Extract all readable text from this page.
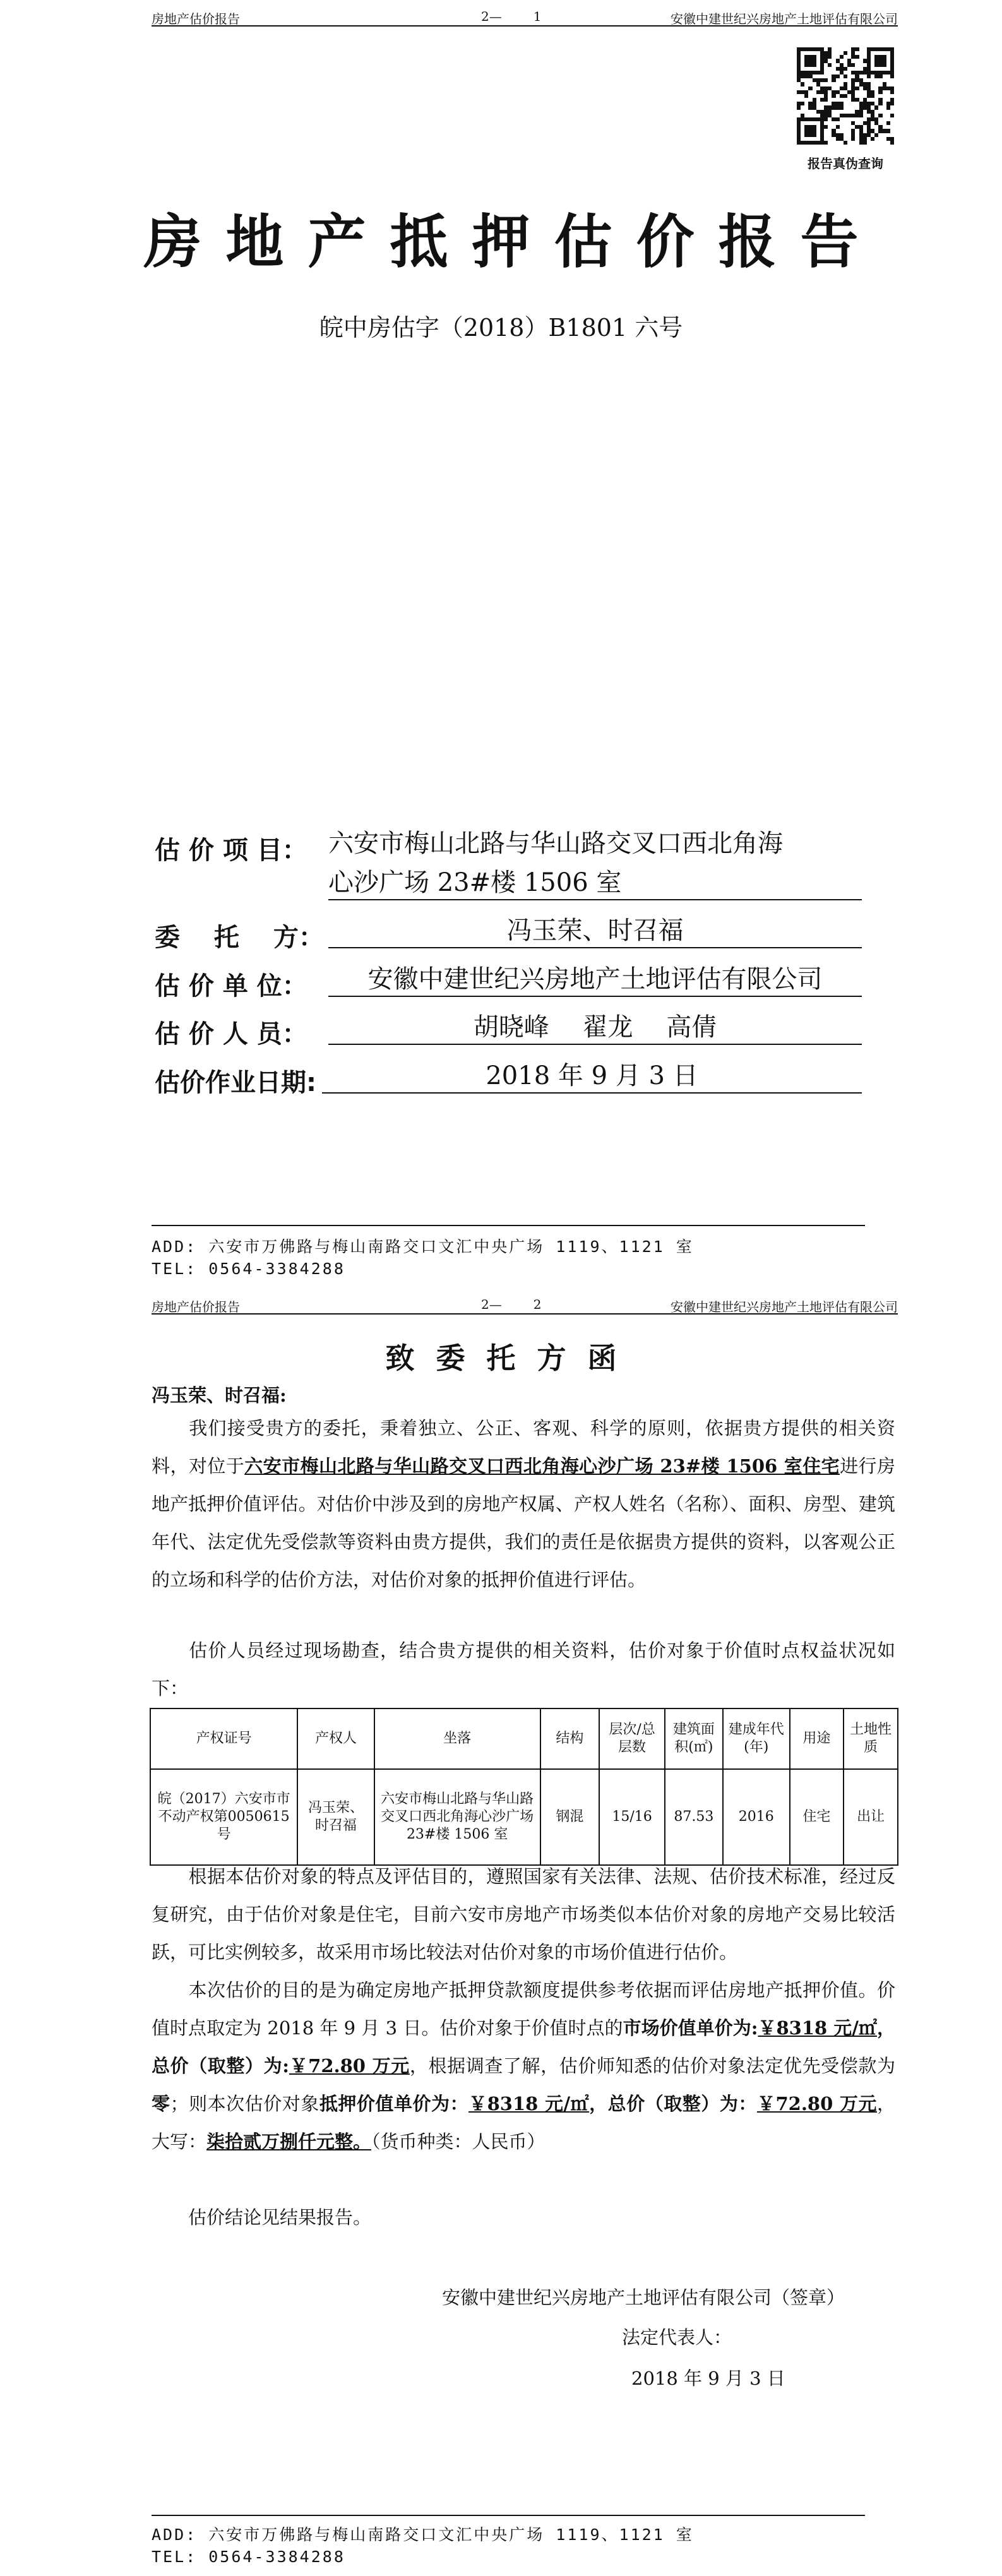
房地产估价报告	2—	1	安徽中建世纪兴房地产土地评估有限公司
报告真伪查询
房地产抵押估价报告
皖中房估字（2018）B1801 六号
估 价 项 目： 六安市梅山北路与华山路交叉口西北角海
心沙广场 23#楼 1506 室
委　 托　 方：	冯玉荣、时召福
估 价 单 位：	安徽中建世纪兴房地产土地评估有限公司
估 价 人 员：	胡晓峰　 翟龙　 高倩
估价作业日期:	2018 年 9 月 3 日
ADD: 六安市万佛路与梅山南路交口文汇中央广场 1119、1121 室
TEL: 0564-3384288
房地产估价报告	2—	2	安徽中建世纪兴房地产土地评估有限公司
致委托方函
冯玉荣、时召福:
我们接受贵方的委托，秉着独立、公正、客观、科学的原则，依据贵方提供的相关资料，对位于六安市梅山北路与华山路交叉口西北角海心沙广场 23#楼 1506 室住宅进行房地产抵押价值评估。对估价中涉及到的房地产权属、产权人姓名（名称）、面积、房型、建筑年代、法定优先受偿款等资料由贵方提供，我们的责任是依据贵方提供的资料，以客观公正的立场和科学的估价方法，对估价对象的抵押价值进行评估。
估价人员经过现场勘查，结合贵方提供的相关资料，估价对象于价值时点权益状况如下：
产权证号	产权人	坐落	结构	层次/总层数	建筑面积(㎡)	建成年代(年)	用途	土地性质
皖（2017）六安市市不动产权第0050615 号	冯玉荣、时召福	六安市梅山北路与华山路交叉口西北角海心沙广场 23#楼 1506 室	钢混	15/16	87.53	2016	住宅	出让
根据本估价对象的特点及评估目的，遵照国家有关法律、法规、估价技术标准，经过反复研究，由于估价对象是住宅，目前六安市房地产市场类似本估价对象的房地产交易比较活跃，可比实例较多，故采用市场比较法对估价对象的市场价值进行估价。
本次估价的目的是为确定房地产抵押贷款额度提供参考依据而评估房地产抵押价值。价值时点取定为 2018 年 9 月 3 日。估价对象于价值时点的市场价值单价为:￥8318 元/㎡，总价（取整）为:￥72.80 万元，根据调查了解，估价师知悉的估价对象法定优先受偿款为零；则本次估价对象抵押价值单价为：￥8318 元/㎡，总价（取整）为：￥72.80 万元，大写：柒拾贰万捌仟元整。（货币种类：人民币）
估价结论见结果报告。
安徽中建世纪兴房地产土地评估有限公司（签章）
法定代表人：
2018 年 9 月 3 日
ADD: 六安市万佛路与梅山南路交口文汇中央广场 1119、1121 室
TEL: 0564-3384288
